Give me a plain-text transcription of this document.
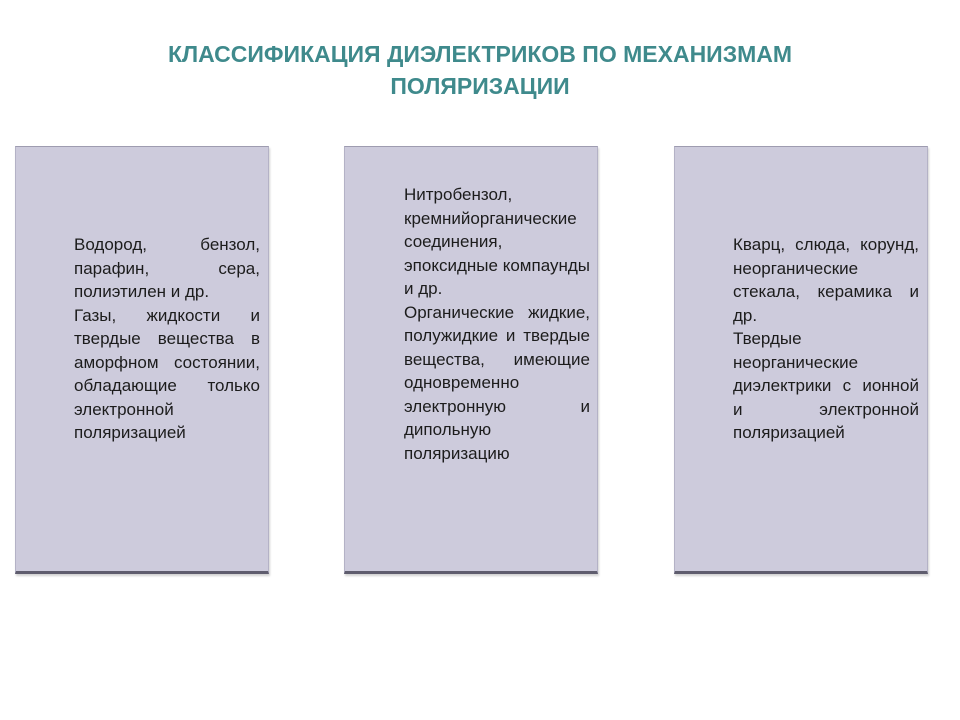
КЛАССИФИКАЦИЯ ДИЭЛЕКТРИКОВ ПО МЕХАНИЗМАМ
ПОЛЯРИЗАЦИИ

Водород, бензол, парафин, сера, полиэтилен и др.
Газы, жидкости и твердые вещества в аморфном состоянии, обладающие только электронной поляризацией

Нитробензол, кремнийорганические соединения, эпоксидные компаунды и др.
Органические жидкие, полужидкие и твердые вещества, имеющие одновременно электронную и дипольную поляризацию

Кварц, слюда, корунд, неорганические стекала, керамика и др.
Твердые неорганические диэлектрики с ионной и электронной поляризацией
